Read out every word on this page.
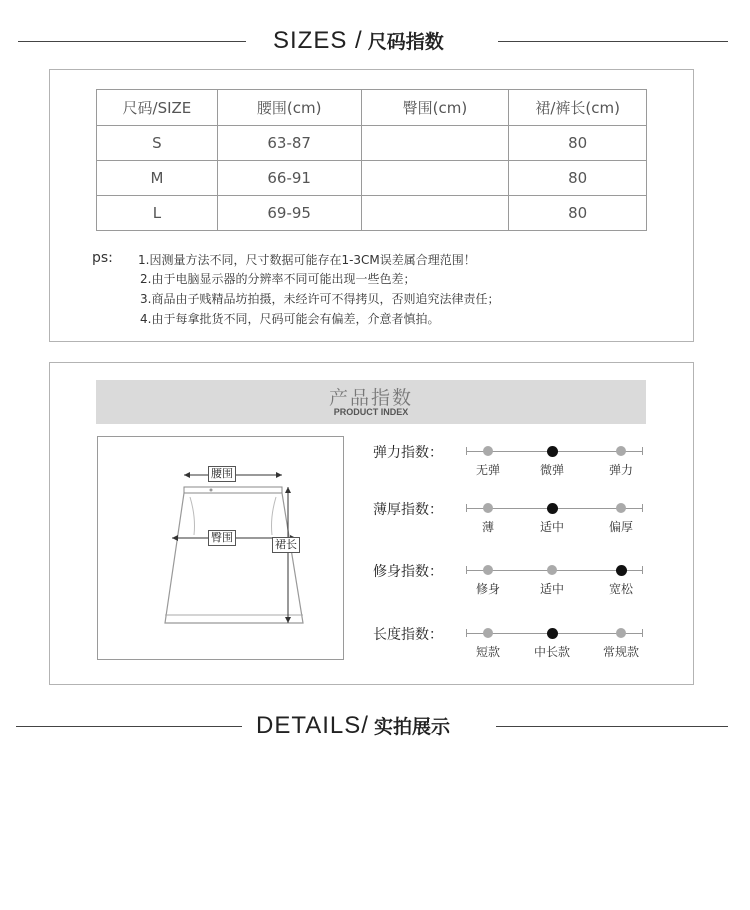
SIZES / 尺码指数
尺码/SIZE	腰围(cm)	臀围(cm)	裙/裤长(cm)
S	63-87		80
M	66-91		80
L	69-95		80
ps: 1.因测量方法不同，尺寸数据可能存在1-3CM误差属合理范围！
2.由于电脑显示器的分辨率不同可能出现一些色差；
3.商品由子贱精品坊拍摄，未经许可不得拷贝，否则追究法律责任；
4.由于每拿批货不同，尺码可能会有偏差，介意者慎拍。
产品指数
PRODUCT INDEX
腰围
臀围
裙长
弹力指数：
无弹	微弹	弹力
薄厚指数：
薄	适中	偏厚
修身指数：
修身	适中	宽松
长度指数：
短款	中长款	常规款
DETAILS/ 实拍展示
